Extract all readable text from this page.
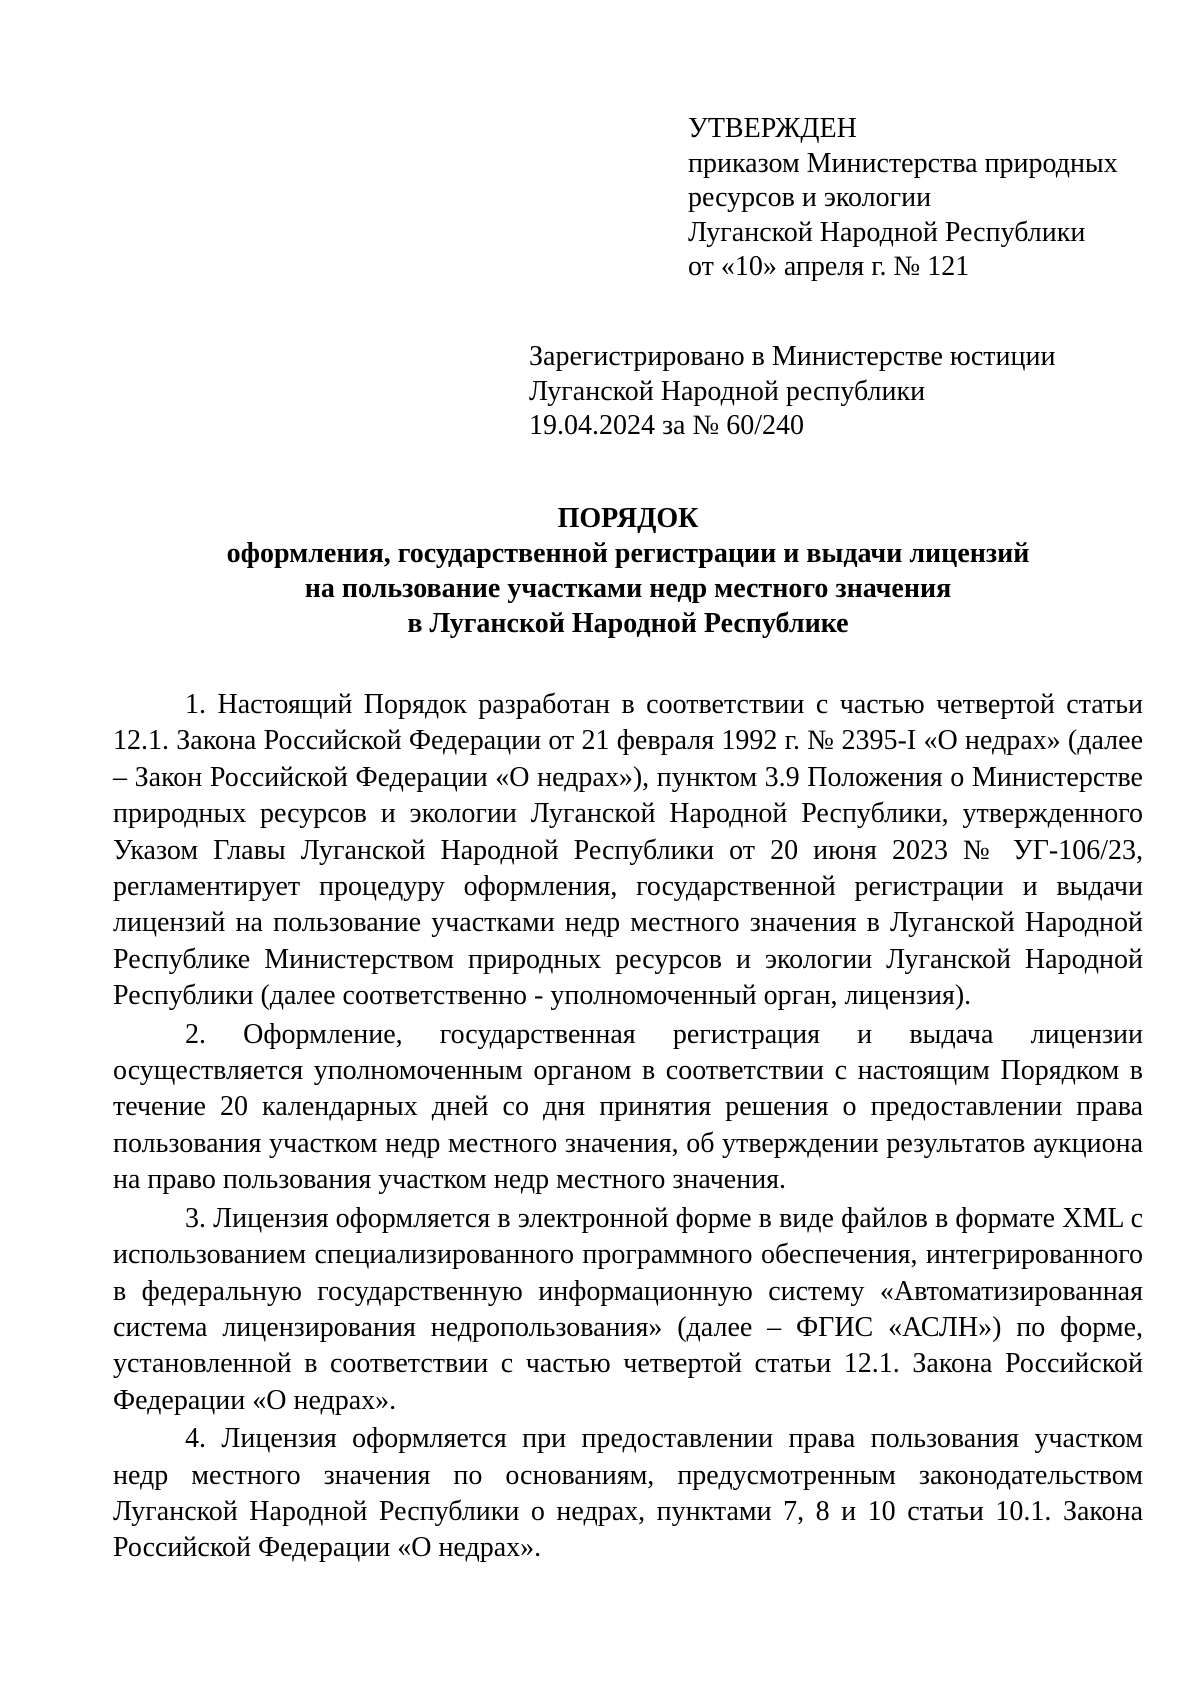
УТВЕРЖДЕН
приказом Министерства природных
ресурсов и экологии
Луганской Народной Республики
от «10» апреля г. № 121
Зарегистрировано в Министерстве юстиции
Луганской Народной республики
19.04.2024 за № 60/240
ПОРЯДОК
оформления, государственной регистрации и выдачи лицензий
на пользование участками недр местного значения
в Луганской Народной Республике

1. Настоящий Порядок разработан в соответствии с частью четвертой статьи 12.1. Закона Российской Федерации от 21 февраля 1992 г. № 2395-I «О недрах» (далее – Закон Российской Федерации «О недрах»), пунктом 3.9 Положения о Министерстве природных ресурсов и экологии Луганской Народной Республики, утвержденного Указом Главы Луганской Народной Республики от 20 июня 2023 № УГ-106/23, регламентирует процедуру оформления, государственной регистрации и выдачи лицензий на пользование участками недр местного значения в Луганской Народной Республике Министерством природных ресурсов и экологии Луганской Народной Республики (далее соответственно - уполномоченный орган, лицензия).

2. Оформление, государственная регистрация и выдача лицензии осуществляется уполномоченным органом в соответствии с настоящим Порядком в течение 20 календарных дней со дня принятия решения о предоставлении права пользования участком недр местного значения, об утверждении результатов аукциона на право пользования участком недр местного значения.

3. Лицензия оформляется в электронной форме в виде файлов в формате XML с использованием специализированного программного обеспечения, интегрированного в федеральную государственную информационную систему «Автоматизированная система лицензирования недропользования» (далее – ФГИС «АСЛН») по форме, установленной в соответствии с частью четвертой статьи 12.1. Закона Российской Федерации «О недрах».

4. Лицензия оформляется при предоставлении права пользования участком недр местного значения по основаниям, предусмотренным законодательством Луганской Народной Республики о недрах, пунктами 7, 8 и 10 статьи 10.1. Закона Российской Федерации «О недрах».
